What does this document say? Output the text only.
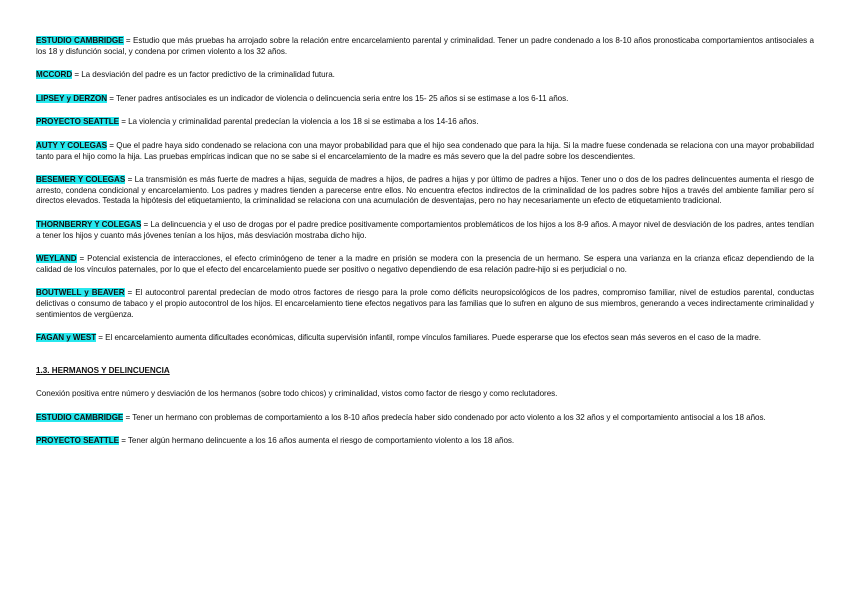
ESTUDIO CAMBRIDGE = Estudio que más pruebas ha arrojado sobre la relación entre encarcelamiento parental y criminalidad. Tener un padre condenado a los 8-10 años pronosticaba comportamientos antisociales a los 18 y disfunción social, y condena por crimen violento a los 32 años.

MCCORD = La desviación del padre es un factor predictivo de la criminalidad futura.

LIPSEY y DERZON = Tener padres antisociales es un indicador de violencia o delincuencia seria entre los 15- 25 años si se estimase a los 6-11 años.

PROYECTO SEATTLE = La violencia y criminalidad parental predecían la violencia a los 18 si se estimaba a los 14-16 años.

AUTY Y COLEGAS = Que el padre haya sido condenado se relaciona con una mayor probabilidad para que el hijo sea condenado que para la hija. Si la madre fuese condenada se relaciona con una mayor probabilidad tanto para el hijo como la hija. Las pruebas empíricas indican que no se sabe si el encarcelamiento de la madre es más severo que la del padre sobre los descendientes.

BESEMER Y COLEGAS = La transmisión es más fuerte de madres a hijas, seguida de madres a hijos, de padres a hijas y por último de padres a hijos. Tener uno o dos de los padres delincuentes aumenta el riesgo de arresto, condena condicional y encarcelamiento. Los padres y madres tienden a parecerse entre ellos. No encuentra efectos indirectos de la criminalidad de los padres sobre hijos a través del ambiente familiar pero sí directos elevados. Testada la hipótesis del etiquetamiento, la criminalidad se relaciona con una acumulación de desventajas, pero no hay necesariamente un efecto de etiquetamiento tradicional.

THORNBERRY Y COLEGAS = La delincuencia y el uso de drogas por el padre predice positivamente comportamientos problemáticos de los hijos a los 8-9 años. A mayor nivel de desviación de los padres, antes tendían a tener los hijos y cuanto más jóvenes tenían a los hijos, más desviación mostraba dicho hijo.

WEYLAND = Potencial existencia de interacciones, el efecto criminógeno de tener a la madre en prisión se modera con la presencia de un hermano. Se espera una varianza en la crianza eficaz dependiendo de la calidad de los vínculos paternales, por lo que el efecto del encarcelamiento puede ser positivo o negativo dependiendo de esa relación padre-hijo si es perjudicial o no.

BOUTWELL y BEAVER = El autocontrol parental predecían de modo otros factores de riesgo para la prole como déficits neuropsicológicos de los padres, compromiso familiar, nivel de estudios parental, conductas delictivas o consumo de tabaco y el propio autocontrol de los hijos. El encarcelamiento tiene efectos negativos para las familias que lo sufren en alguno de sus miembros, generando a veces indirectamente criminalidad y sentimientos de vergüenza.

FAGAN y WEST = El encarcelamiento aumenta dificultades económicas, dificulta supervisión infantil, rompe vínculos familiares. Puede esperarse que los efectos sean más severos en el caso de la madre.

1.3. HERMANOS Y DELINCUENCIA

Conexión positiva entre número y desviación de los hermanos (sobre todo chicos) y criminalidad, vistos como factor de riesgo y como reclutadores.

ESTUDIO CAMBRIDGE = Tener un hermano con problemas de comportamiento a los 8-10 años predecía haber sido condenado por acto violento a los 32 años y el comportamiento antisocial a los 18 años.

PROYECTO SEATTLE = Tener algún hermano delincuente a los 16 años aumenta el riesgo de comportamiento violento a los 18 años.
